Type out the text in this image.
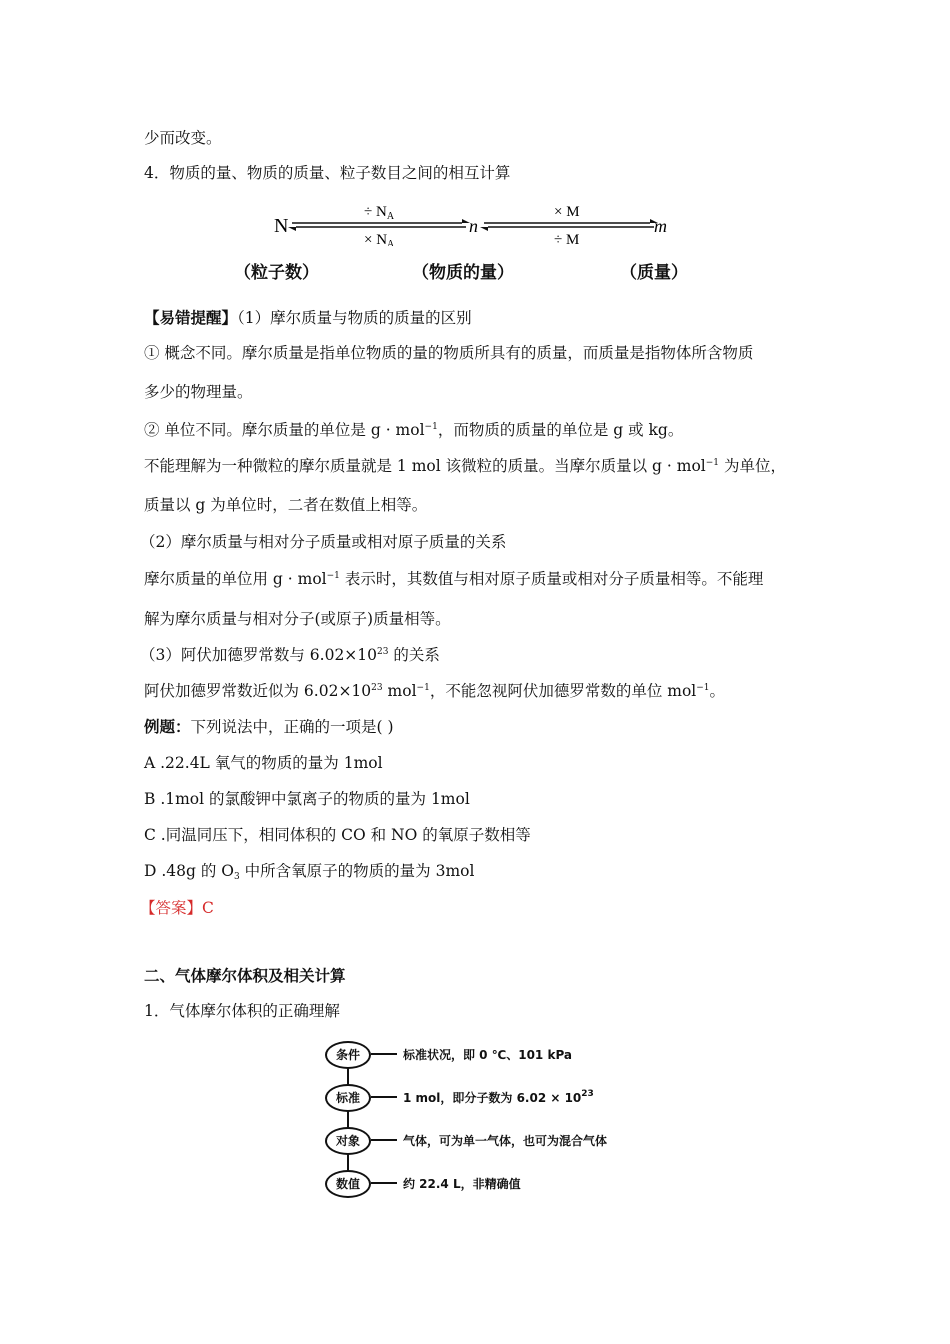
少而改变。
4．物质的量、物质的质量、粒子数目之间的相互计算
N	n	m
÷ $N_A$
× $N_A$
× M
÷ M
（粒子数）	（物质的量）	（质量）
【易错提醒】（1）摩尔质量与物质的质量的区别
① 概念不同。摩尔质量是指单位物质的量的物质所具有的质量，而质量是指物体所含物质
多少的物理量。
② 单位不同。摩尔质量的单位是 g · mol$^{-1}$，而物质的质量的单位是 g 或 kg。
不能理解为一种微粒的摩尔质量就是 1 mol 该微粒的质量。当摩尔质量以 g · mol$^{-1}$ 为单位，
质量以 g 为单位时，二者在数值上相等。
（2）摩尔质量与相对分子质量或相对原子质量的关系
摩尔质量的单位用 g · mol$^{-1}$ 表示时，其数值与相对原子质量或相对分子质量相等。不能理
解为摩尔质量与相对分子(或原子)质量相等。
（3）阿伏加德罗常数与 $6.02\times 10^{23}$ 的关系
阿伏加德罗常数近似为 $6.02\times 10^{23}$ mol$^{-1}$，不能忽视阿伏加德罗常数的单位 mol$^{-1}$。
例题：下列说法中，正确的一项是( )
A .22.4L 氧气的物质的量为 1mol
B .1mol 的氯酸钾中氯离子的物质的量为 1mol
C .同温同压下，相同体积的 CO 和 NO 的氧原子数相等
D .48g 的 $O_3$ 中所含氧原子的物质的量为 3mol
【答案】C
二、气体摩尔体积及相关计算
1．气体摩尔体积的正确理解
条件
标准
对象
数值
标准状况，即 0 ℃、101 kPa
1 mol，即分子数为 $6.02 \times 10^{23}$
气体，可为单一气体，也可为混合气体
约 22.4 L，非精确值
